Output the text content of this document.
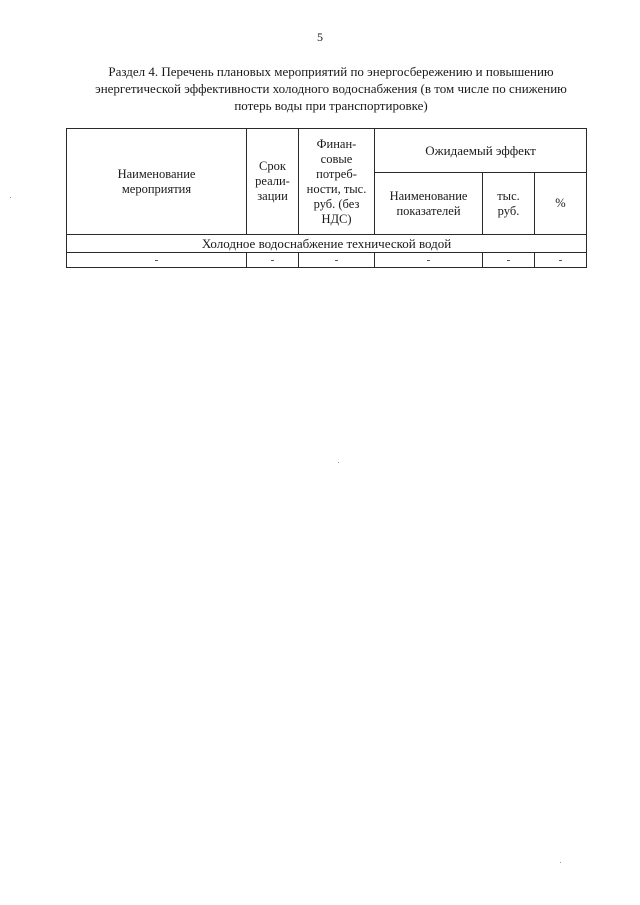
5
Раздел 4. Перечень плановых мероприятий по энергосбережению и повышению энергетической эффективности холодного водоснабжения (в том числе по снижению потерь воды при транспортировке)
Наименование мероприятия	Срок реали-зации	Финан-совые потреб-ности, тыс. руб. (без НДС)	Ожидаемый эффект		

			Наименование показателей	тыс. руб.	%
Холодное водоснабжение технической водой					
-	-	-	-	-	-
